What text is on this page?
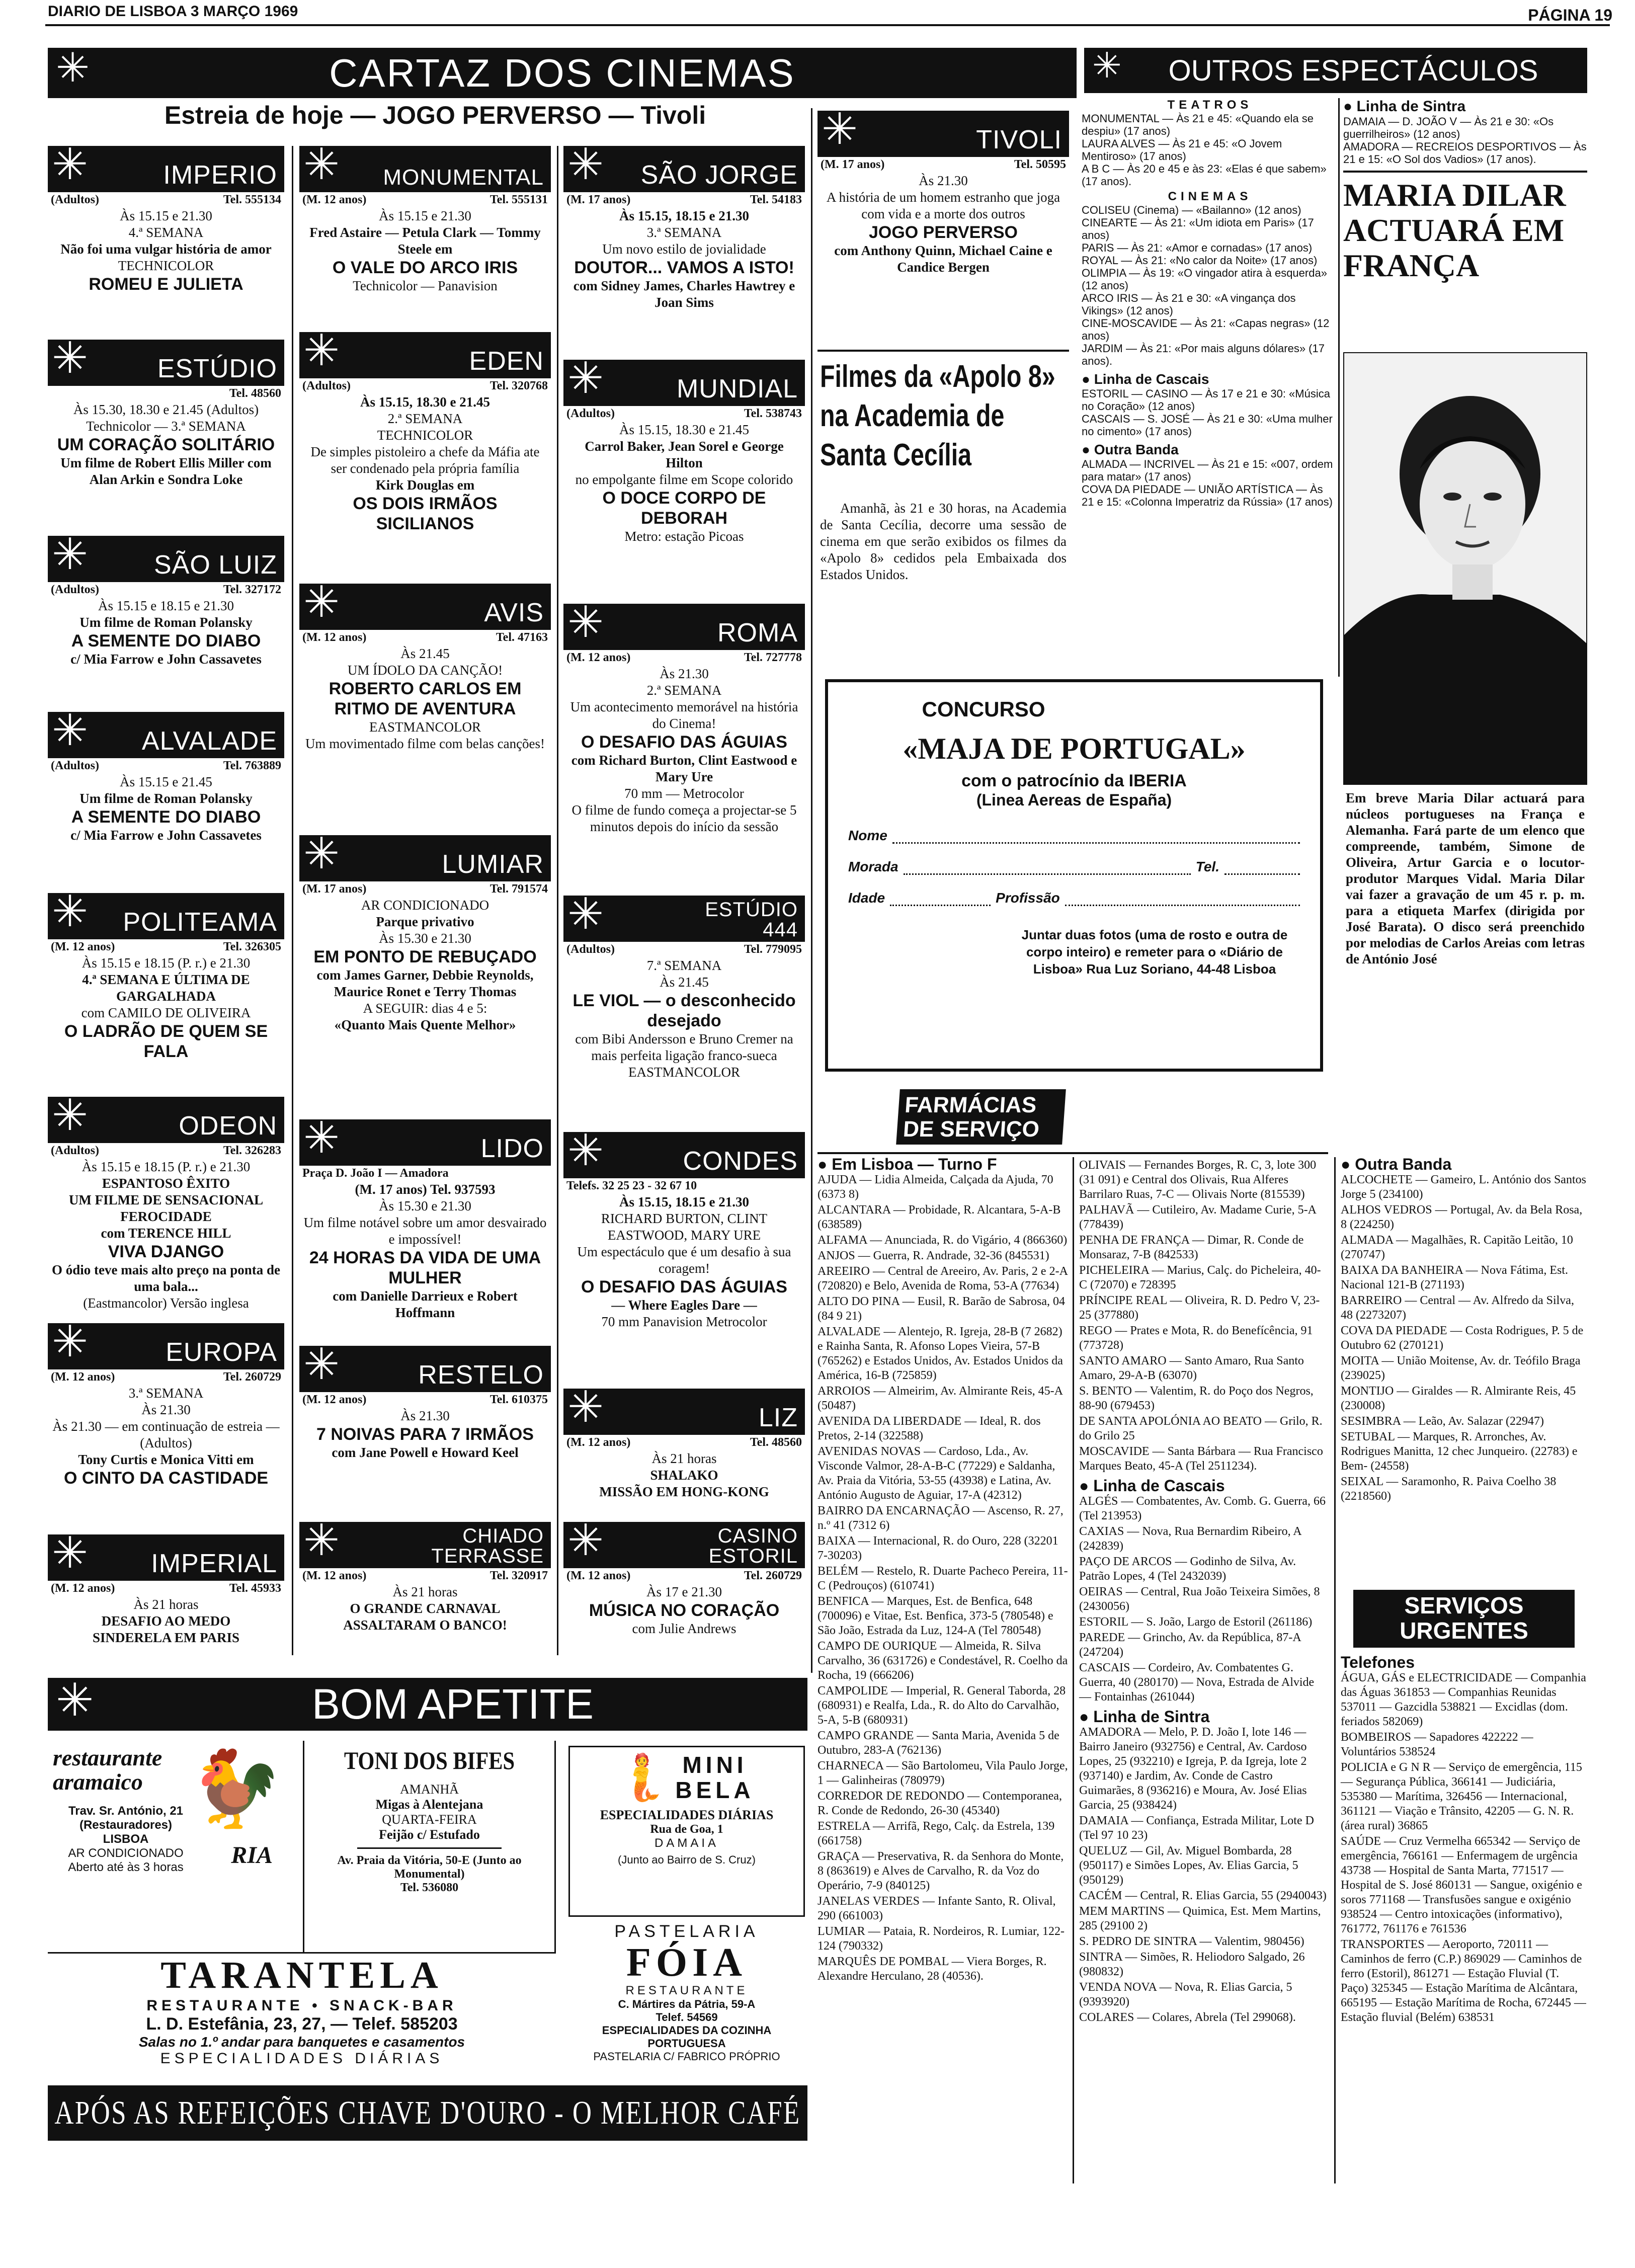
DIARIO DE LISBOA 3 MARÇO 1969	PÁGINA 19
✳	CARTAZ DOS CINEMAS
Estreia de hoje — JOGO PERVERSO — Tivoli
✳	OUTROS ESPECTÁCULOS
✳	IMPERIO
(Adultos)	Tel. 555134
Às 15.15 e 21.30
4.ª SEMANA
Não foi uma vulgar história de amor
TECHNICOLOR
ROMEU E JULIETA
✳	ESTÚDIO
Tel. 48560
Às 15.30, 18.30 e 21.45 (Adultos)
Technicolor — 3.ª SEMANA
UM CORAÇÃO SOLITÁRIO
Um filme de Robert Ellis Miller com Alan Arkin e Sondra Loke
✳	SÃO LUIZ
(Adultos)	Tel. 327172
Às 15.15 e 18.15 e 21.30
Um filme de Roman Polansky
A SEMENTE DO DIABO
c/ Mia Farrow e John Cassavetes
✳ ALVALADE
(Adultos)	Tel. 763889
Às 15.15 e 21.45
Um filme de Roman Polansky
A SEMENTE DO DIABO
c/ Mia Farrow e John Cassavetes
✳ POLITEAMA
(M. 12 anos)	Tel. 326305
Às 15.15 e 18.15 (P. r.) e 21.30
4.ª SEMANA E ÚLTIMA DE GARGALHADA
com CAMILO DE OLIVEIRA
O LADRÃO DE QUEM SE FALA
✳	ODEON
(Adultos)	Tel. 326283
Às 15.15 e 18.15 (P. r.) e 21.30
ESPANTOSO ÊXITO
UM FILME DE SENSACIONAL FEROCIDADE
com TERENCE HILL
VIVA DJANGO
O ódio teve mais alto preço na ponta de uma bala...
(Eastmancolor) Versão inglesa
✳	EUROPA
(M. 12 anos)	Tel. 260729
3.ª SEMANA
Às 21.30
Às 21.30 — em continuação de estreia — (Adultos)
Tony Curtis e Monica Vitti em
O CINTO DA CASTIDADE
✳ IMPERIAL
(M. 12 anos)	Tel. 45933
Às 21 horas
DESAFIO AO MEDO
SINDERELA EM PARIS
✳ MONUMENTAL
(M. 12 anos)	Tel. 555131
Às 15.15 e 21.30
Fred Astaire — Petula Clark — Tommy Steele em
O VALE DO ARCO IRIS
Technicolor — Panavision
✳	EDEN
(Adultos)	Tel. 320768
Às 15.15, 18.30 e 21.45
2.ª SEMANA
TECHNICOLOR
De simples pistoleiro a chefe da Máfia ate ser condenado pela própria família
Kirk Douglas em
OS DOIS IRMÃOS SICILIANOS
✳	AVIS
(M. 12 anos)	Tel. 47163
Às 21.45
UM ÍDOLO DA CANÇÃO!
ROBERTO CARLOS EM RITMO DE AVENTURA
EASTMANCOLOR
Um movimentado filme com belas canções!
✳	LUMIAR
(M. 17 anos)	Tel. 791574
AR CONDICIONADO
Parque privativo
Às 15.30 e 21.30
EM PONTO DE REBUÇADO
com James Garner, Debbie Reynolds, Maurice Ronet e Terry Thomas
A SEGUIR: dias 4 e 5:
«Quanto Mais Quente Melhor»
✳	LIDO
Praça D. João I — Amadora
(M. 17 anos) Tel. 937593
Às 15.30 e 21.30
Um filme notável sobre um amor desvairado e impossível!
24 HORAS DA VIDA DE UMA MULHER
com Danielle Darrieux e Robert Hoffmann
✳	RESTELO
(M. 12 anos)	Tel. 610375
Às 21.30
7 NOIVAS PARA 7 IRMÃOS
com Jane Powell e Howard Keel
✳	CHIADO TERRASSE
(M. 12 anos)	Tel. 320917
Às 21 horas
O GRANDE CARNAVAL
ASSALTARAM O BANCO!
✳ SÃO JORGE
(M. 17 anos)	Tel. 54183
Às 15.15, 18.15 e 21.30
3.ª SEMANA
Um novo estilo de jovialidade
DOUTOR... VAMOS A ISTO!
com Sidney James, Charles Hawtrey e Joan Sims
✳	MUNDIAL
(Adultos)	Tel. 538743
Às 15.15, 18.30 e 21.45
Carrol Baker, Jean Sorel e George Hilton
no empolgante filme em Scope colorido
O DOCE CORPO DE DEBORAH
Metro: estação Picoas
✳	ROMA
(M. 12 anos)	Tel. 727778
Às 21.30
2.ª SEMANA
Um acontecimento memorável na história do Cinema!
O DESAFIO DAS ÁGUIAS
com Richard Burton, Clint Eastwood e Mary Ure
70 mm — Metrocolor
O filme de fundo começa a projectar-se 5 minutos depois do início da sessão
✳	ESTÚDIO 444
(Adultos)	Tel. 779095
7.ª SEMANA
Às 21.45
LE VIOL — o desconhecido desejado
com Bibi Andersson e Bruno Cremer na mais perfeita ligação franco-sueca
EASTMANCOLOR
✳	CONDES
Telefs. 32 25 23 - 32 67 10
Às 15.15, 18.15 e 21.30
RICHARD BURTON, CLINT EASTWOOD, MARY URE
Um espectáculo que é um desafio à sua coragem!
O DESAFIO DAS ÁGUIAS
— Where Eagles Dare —
70 mm Panavision Metrocolor
✳	LIZ
(M. 12 anos)	Tel. 48560
Às 21 horas
SHALAKO
MISSÃO EM HONG-KONG
✳	CASINO ESTORIL
(M. 12 anos)	Tel. 260729
Às 17 e 21.30
MÚSICA NO CORAÇÃO
com Julie Andrews
✳	TIVOLI
(M. 17 anos)	Tel. 50595
Às 21.30
A história de um homem estranho que joga com vida e a morte dos outros
JOGO PERVERSO
com Anthony Quinn, Michael Caine e Candice Bergen
Filmes da «Apolo 8» na Academia de Santa Cecília
Amanhã, às 21 e 30 horas, na Academia de Santa Cecília, decorre uma sessão de cinema em que serão exibidos os filmes da «Apolo 8» cedidos pela Embaixada dos Estados Unidos.
CONCURSO
«MAJA DE PORTUGAL»
com o patrocínio da IBERIA
(Linea Aereas de España)
Nome
Morada	Tel.
Idade	Profissão
Juntar duas fotos (uma de rosto e outra de corpo inteiro) e remeter para o «Diário de Lisboa» Rua Luz Soriano, 44-48 Lisboa
TEATROS
MONUMENTAL — Às 21 e 45: «Quando ela se despiu» (17 anos)
LAURA ALVES — Às 21 e 45: «O Jovem Mentiroso» (17 anos)
A B C — Às 20 e 45 e às 23: «Elas é que sabem» (17 anos).
CINEMAS
COLISEU (Cinema) — «Bailanno» (12 anos)
CINEARTE — Às 21: «Um idiota em Paris» (17 anos)
PARIS — Às 21: «Amor e cornadas» (17 anos)
ROYAL — Às 21: «No calor da Noite» (17 anos)
OLIMPIA — Às 19: «O vingador atira à esquerda» (12 anos)
ARCO IRIS — Às 21 e 30: «A vingança dos Vikings» (12 anos)
CINE-MOSCAVIDE — Às 21: «Capas negras» (12 anos)
JARDIM — Às 21: «Por mais alguns dólares» (17 anos).
● Linha de Cascais
ESTORIL — CASINO — Às 17 e 21 e 30: «Música no Coração» (12 anos)
CASCAIS — S. JOSÉ — Às 21 e 30: «Uma mulher no cimento» (17 anos)
● Outra Banda
ALMADA — INCRIVEL — Às 21 e 15: «007, ordem para matar» (17 anos)
COVA DA PIEDADE — UNIÃO ARTÍSTICA — Às 21 e 15: «Colonna Imperatriz da Rússia» (17 anos)
● Linha de Sintra
DAMAIA — D. JOÃO V — Às 21 e 30: «Os guerrilheiros» (12 anos)
AMADORA — RECREIOS DESPORTIVOS — Às 21 e 15: «O Sol dos Vadios» (17 anos).
MARIA DILAR ACTUARÁ EM FRANÇA
Em breve Maria Dilar actuará para núcleos portugueses na França e Alemanha. Fará parte de um elenco que compreende, também, Simone de Oliveira, Artur Garcia e o locutor-produtor Marques Vidal. Maria Dilar vai fazer a gravação de um 45 r. p. m. para a etiqueta Marfex (dirigida por José Barata). O disco será preenchido por melodias de Carlos Areias com letras de António José
FARMÁCIAS DE SERVIÇO
● Em Lisboa — Turno F
AJUDA — Lidia Almeida, Calçada da Ajuda, 70 (6373 8)
ALCANTARA — Probidade, R. Alcantara, 5-A-B (638589)
ALFAMA — Anunciada, R. do Vigário, 4 (866360)
ANJOS — Guerra, R. Andrade, 32-36 (845531)
AREEIRO — Central de Areeiro, Av. Paris, 2 e 2-A (720820) e Belo, Avenida de Roma, 53-A (77634)
ALTO DO PINA — Eusil, R. Barão de Sabrosa, 04 (84 9 21)
ALVALADE — Alentejo, R. Igreja, 28-B (7 2682) e Rainha Santa, R. Afonso Lopes Vieira, 57-B (765262) e Estados Unidos, Av. Estados Unidos da América, 16-B (725859)
ARROIOS — Almeirim, Av. Almirante Reis, 45-A (50487)
AVENIDA DA LIBERDADE — Ideal, R. dos Pretos, 2-14 (322588)
AVENIDAS NOVAS — Cardoso, Lda., Av. Visconde Valmor, 28-A-B-C (77229) e Saldanha, Av. Praia da Vitória, 53-55 (43938) e Latina, Av. António Augusto de Aguiar, 17-A (42312)
BAIRRO DA ENCARNAÇÃO — Ascenso, R. 27, n.º 41 (7312 6)
BAIXA — Internacional, R. do Ouro, 228 (32201 7-30203)
BELÉM — Restelo, R. Duarte Pacheco Pereira, 11-C (Pedrouços) (610741)
BENFICA — Marques, Est. de Benfica, 648 (700096) e Vitae, Est. Benfica, 373-5 (780548) e São João, Estrada da Luz, 124-A (Tel 780548)
CAMPO DE OURIQUE — Almeida, R. Silva Carvalho, 36 (631726) e Condestável, R. Coelho da Rocha, 19 (666206)
CAMPOLIDE — Imperial, R. General Taborda, 28 (680931) e Realfa, Lda., R. do Alto do Carvalhão, 5-A, 5-B (680931)
CAMPO GRANDE — Santa Maria, Avenida 5 de Outubro, 283-A (762136)
CHARNECA — São Bartolomeu, Vila Paulo Jorge, 1 — Galinheiras (780979)
CORREDOR DE REDONDO — Contemporanea, R. Conde de Redondo, 26-30 (45340)
ESTRELA — Arrifã, Rego, Calç. da Estrela, 139 (661758)
GRAÇA — Preservativa, R. da Senhora do Monte, 8 (863619) e Alves de Carvalho, R. da Voz do Operário, 7-9 (840125)
JANELAS VERDES — Infante Santo, R. Olival, 290 (661003)
LUMIAR — Pataia, R. Nordeiros, R. Lumiar, 122-124 (790332)
MARQUÊS DE POMBAL — Viera Borges, R. Alexandre Herculano, 28 (40536).
OLIVAIS — Fernandes Borges, R. C, 3, lote 300 (31 091) e Central dos Olivais, Rua Alferes Barrilaro Ruas, 7-C — Olivais Norte (815539)
PALHAVÃ — Cutileiro, Av. Madame Curie, 5-A (778439)
PENHA DE FRANÇA — Dimar, R. Conde de Monsaraz, 7-B (842533)
PICHELEIRA — Marius, Calç. do Picheleira, 40-C (72070) e 728395
PRÍNCIPE REAL — Oliveira, R. D. Pedro V, 23-25 (377880)
REGO — Prates e Mota, R. do Benefícência, 91 (773728)
SANTO AMARO — Santo Amaro, Rua Santo Amaro, 29-A-B (63070)
S. BENTO — Valentim, R. do Poço dos Negros, 88-90 (679453)
DE SANTA APOLÓNIA AO BEATO — Grilo, R. do Grilo 25
MOSCAVIDE — Santa Bárbara — Rua Francisco Marques Beato, 45-A (Tel 2511234).
● Linha de Cascais
ALGÉS — Combatentes, Av. Comb. G. Guerra, 66 (Tel 213953)
CAXIAS — Nova, Rua Bernardim Ribeiro, A (242839)
PAÇO DE ARCOS — Godinho de Silva, Av. Patrão Lopes, 4 (Tel 2432039)
OEIRAS — Central, Rua João Teixeira Simões, 8 (2430056)
ESTORIL — S. João, Largo de Estoril (261186)
PAREDE — Grincho, Av. da República, 87-A (247204)
CASCAIS — Cordeiro, Av. Combatentes G. Guerra, 40 (280170) — Nova, Estrada de Alvide — Fontainhas (261044)
● Linha de Sintra
AMADORA — Melo, P. D. João I, lote 146 — Bairro Janeiro (932756) e Central, Av. Cardoso Lopes, 25 (932210) e Igreja, P. da Igreja, lote 2 (937140) e Jardim, Av. Conde de Castro Guimarães, 8 (936216) e Moura, Av. José Elias Garcia, 25 (938424)
DAMAIA — Confiança, Estrada Militar, Lote D (Tel 97 10 23)
QUELUZ — Gil, Av. Miguel Bombarda, 28 (950117) e Simões Lopes, Av. Elias Garcia, 5 (950129)
CACÉM — Central, R. Elias Garcia, 55 (2940043)
MEM MARTINS — Quimica, Est. Mem Martins, 285 (29100 2)
S. PEDRO DE SINTRA — Valentim, 980456)
SINTRA — Simões, R. Heliodoro Salgado, 26 (980832)
VENDA NOVA — Nova, R. Elias Garcia, 5 (9393920)
COLARES — Colares, Abrela (Tel 299068).
● Outra Banda
ALCOCHETE — Gameiro, L. António dos Santos Jorge 5 (234100)
ALHOS VEDROS — Portugal, Av. da Bela Rosa, 8 (224250)
ALMADA — Magalhães, R. Capitão Leitão, 10 (270747)
BAIXA DA BANHEIRA — Nova Fátima, Est. Nacional 121-B (271193)
BARREIRO — Central — Av. Alfredo da Silva, 48 (2273207)
COVA DA PIEDADE — Costa Rodrigues, P. 5 de Outubro 62 (270121)
MOITA — União Moitense, Av. dr. Teófilo Braga (239025)
MONTIJO — Giraldes — R. Almirante Reis, 45 (230008)
SESIMBRA — Leão, Av. Salazar (22947)
SETUBAL — Marques, R. Arronches, Av. Rodrigues Manitta, 12 chec Junqueiro. (22783) e Bem- (24558)
SEIXAL — Saramonho, R. Paiva Coelho 38 (2218560)
SERVIÇOS URGENTES
Telefones
ÁGUA, GÁS e ELECTRICIDADE — Companhia das Águas 361853 — Companhias Reunidas 537011 — Gazcidla 538821 — Excidlas (dom. feriados 582069)
BOMBEIROS — Sapadores 422222 — Voluntários 538524
POLICIA e G N R — Serviço de emergência, 115 — Segurança Pública, 366141 — Judiciária, 535380 — Marítima, 326456 — Internacional, 361121 — Viação e Trânsito, 42205 — G. N. R. (área rural) 36865
SAÚDE — Cruz Vermelha 665342 — Serviço de emergência, 766161 — Enfermagem de urgência 43738 — Hospital de Santa Marta, 771517 — Hospital de S. José 860131 — Sangue, oxigénio e soros 771168 — Transfusões sangue e oxigénio 938524 — Centro intoxicações (informativo), 761772, 761176 e 761536
TRANSPORTES — Aeroporto, 720111 — Caminhos de ferro (C.P.) 869029 — Caminhos de ferro (Estoril), 861271 — Estação Fluvial (T. Paço) 325345 — Estação Marítima de Alcântara, 665195 — Estação Marítima de Rocha, 672445 — Estação fluvial (Belém) 638531
✳	BOM APETITE
restaurante aramaico 🐓
RIA
Trav. Sr. António, 21 (Restauradores)
LISBOA
AR CONDICIONADO
Aberto até às 3 horas
TONI DOS BIFES
AMANHÃ
Migas à Alentejana
QUARTA-FEIRA
Feijão c/ Estufado
Av. Praia da Vitória, 50-E (Junto ao Monumental)
Tel. 536080
🧜 MINI BELA
ESPECIALIDADES DIÁRIAS
Rua de Goa, 1
DAMAIA
(Junto ao Bairro de S. Cruz)
TARANTELA
RESTAURANTE • SNACK-BAR
L. D. Estefânia, 23, 27, — Telef. 585203
Salas no 1.º andar para banquetes e casamentos
ESPECIALIDADES DIÁRIAS
PASTELARIA
FÓIA
RESTAURANTE
C. Mártires da Pátria, 59-A
Telef. 54569
ESPECIALIDADES DA COZINHA PORTUGUESA
PASTELARIA C/ FABRICO PRÓPRIO
APÓS AS REFEIÇÕES CHAVE D'OURO - O MELHOR CAFÉ
